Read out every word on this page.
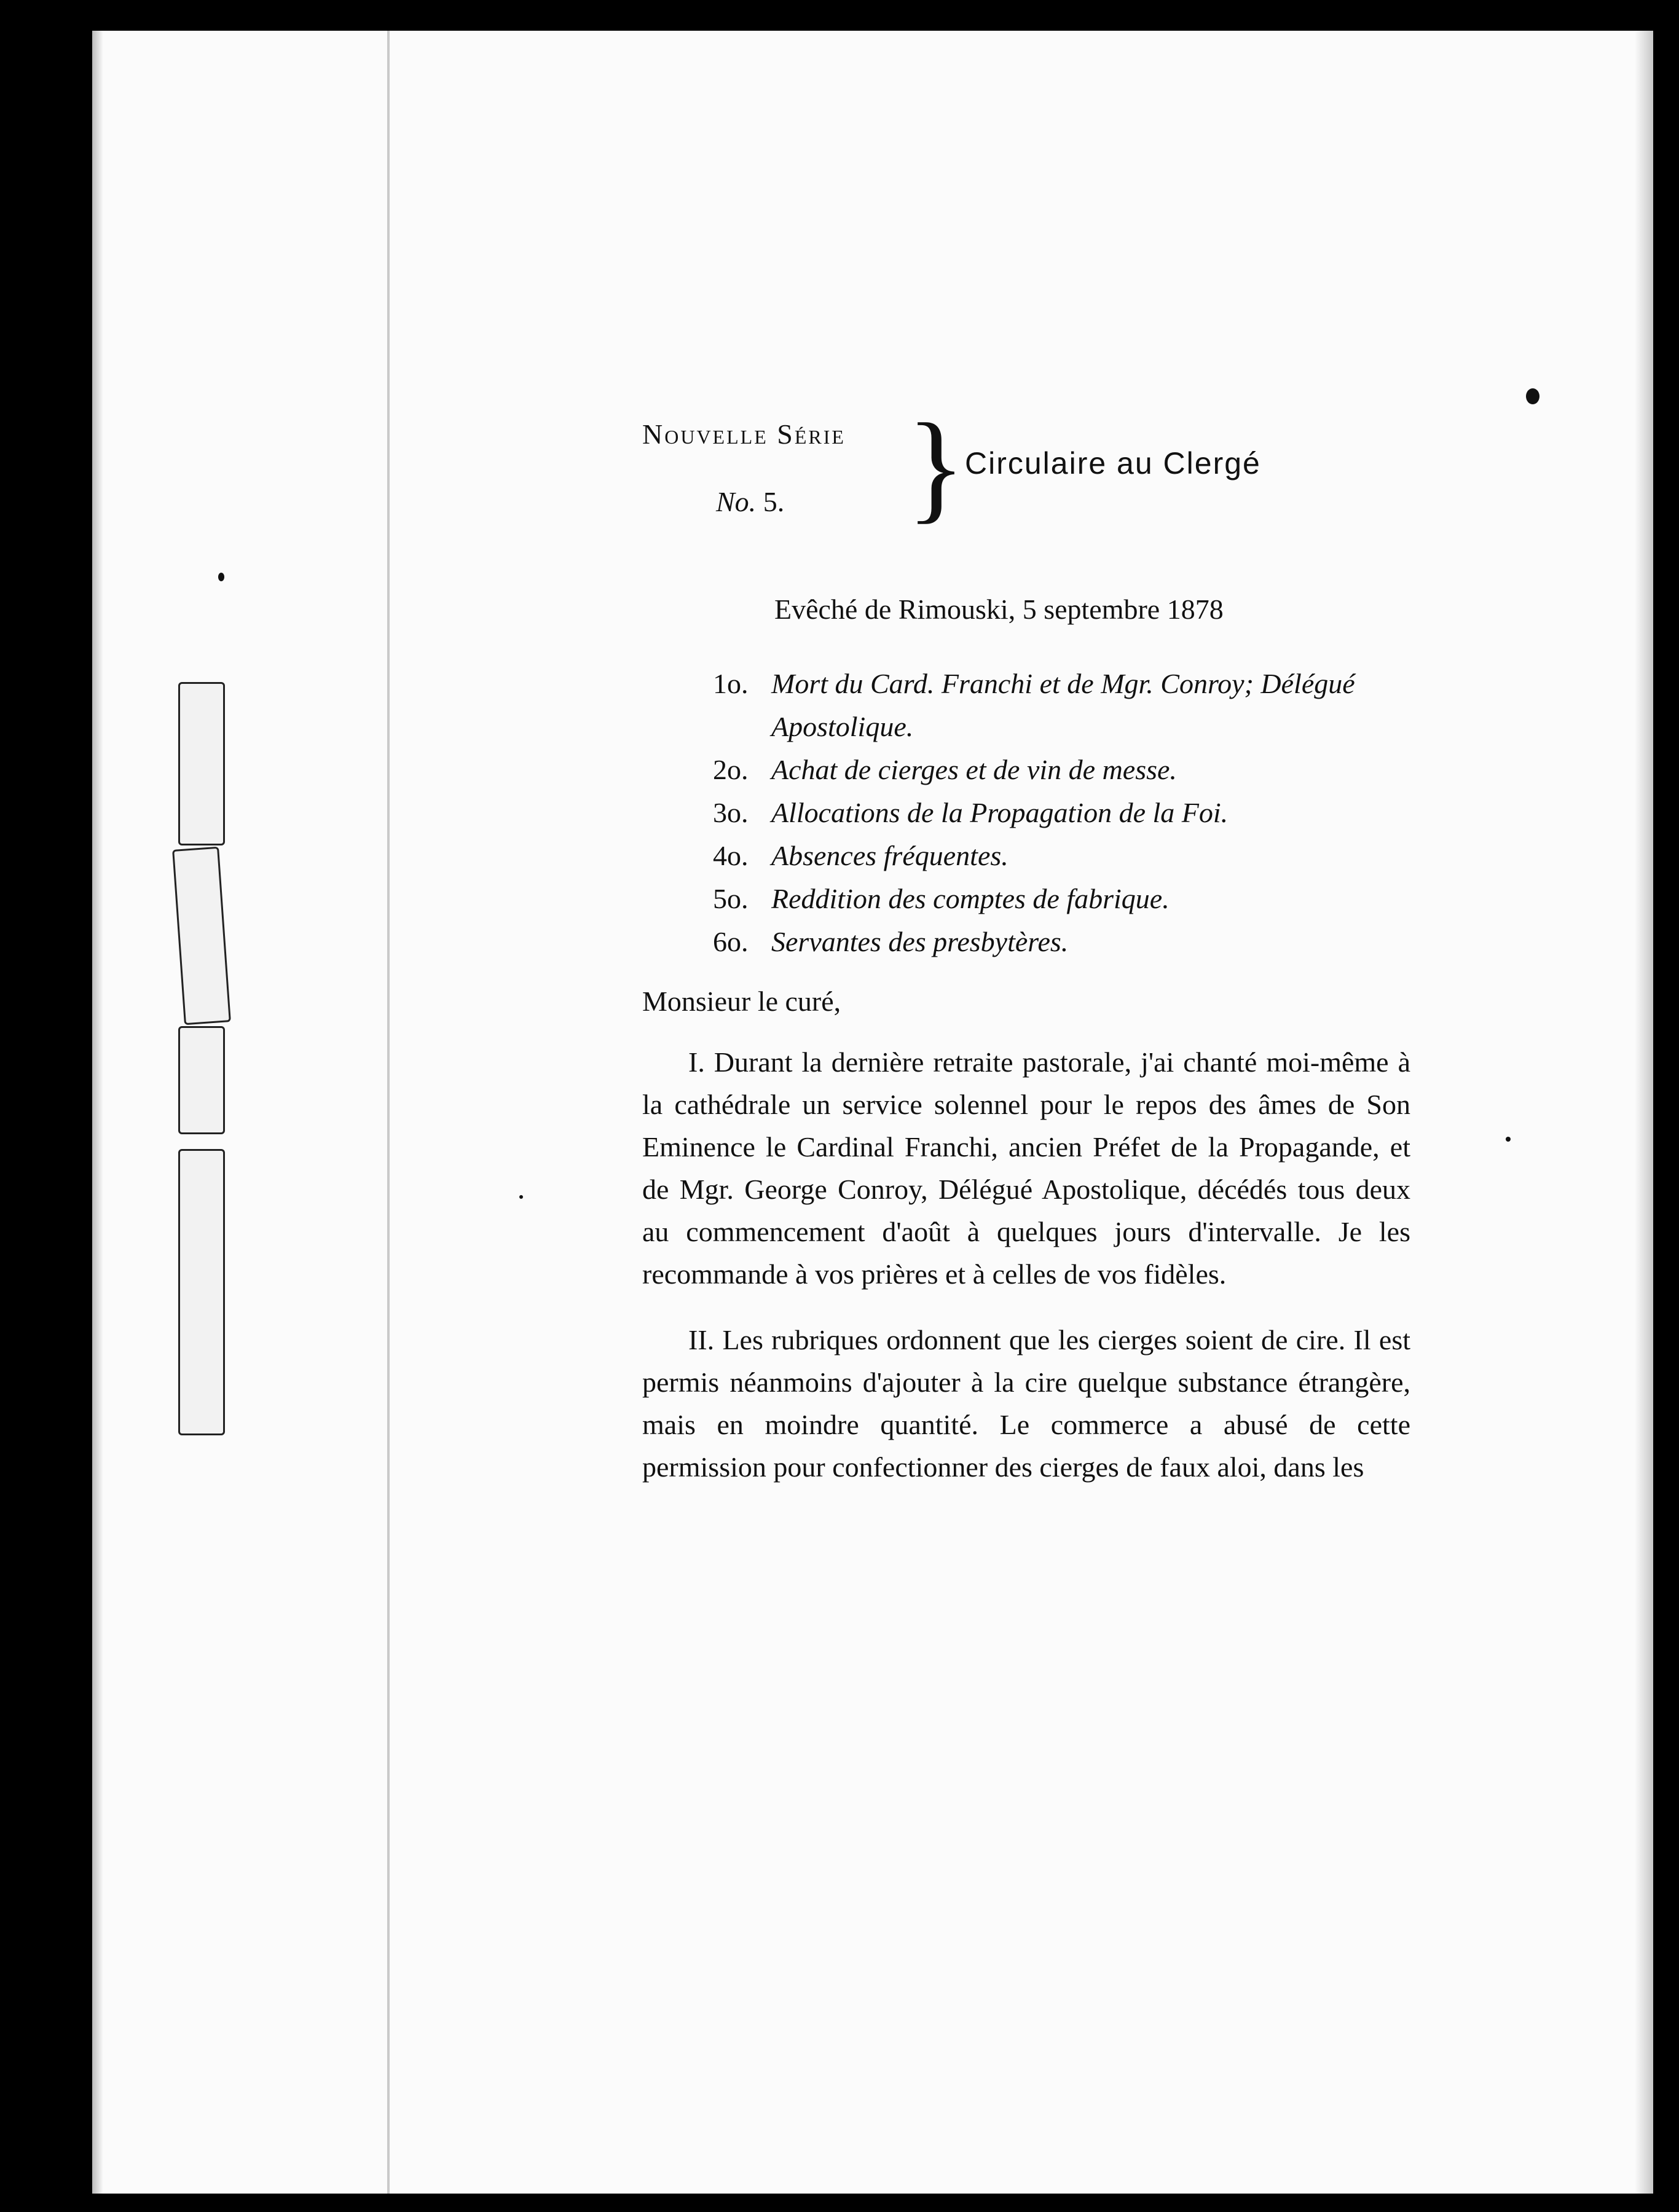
Nouvelle Série
No. 5. } Circulaire au Clergé
Evêché de Rimouski, 5 septembre 1878
1o. Mort du Card. Franchi et de Mgr. Conroy; Délégué Apostolique.
2o. Achat de cierges et de vin de messe.
3o. Allocations de la Propagation de la Foi.
4o. Absences fréquentes.
5o. Reddition des comptes de fabrique.
6o. Servantes des presbytères.
Monsieur le curé,

I. Durant la dernière retraite pastorale, j'ai chanté moi-même à la cathédrale un service solennel pour le repos des âmes de Son Eminence le Cardinal Franchi, ancien Préfet de la Propagande, et de Mgr. George Conroy, Délégué Apostolique, décédés tous deux au commencement d'août à quelques jours d'intervalle. Je les recommande à vos prières et à celles de vos fidèles.

II. Les rubriques ordonnent que les cierges soient de cire. Il est permis néanmoins d'ajouter à la cire quelque substance étrangère, mais en moindre quantité. Le commerce a abusé de cette permission pour confectionner des cierges de faux aloi, dans les
